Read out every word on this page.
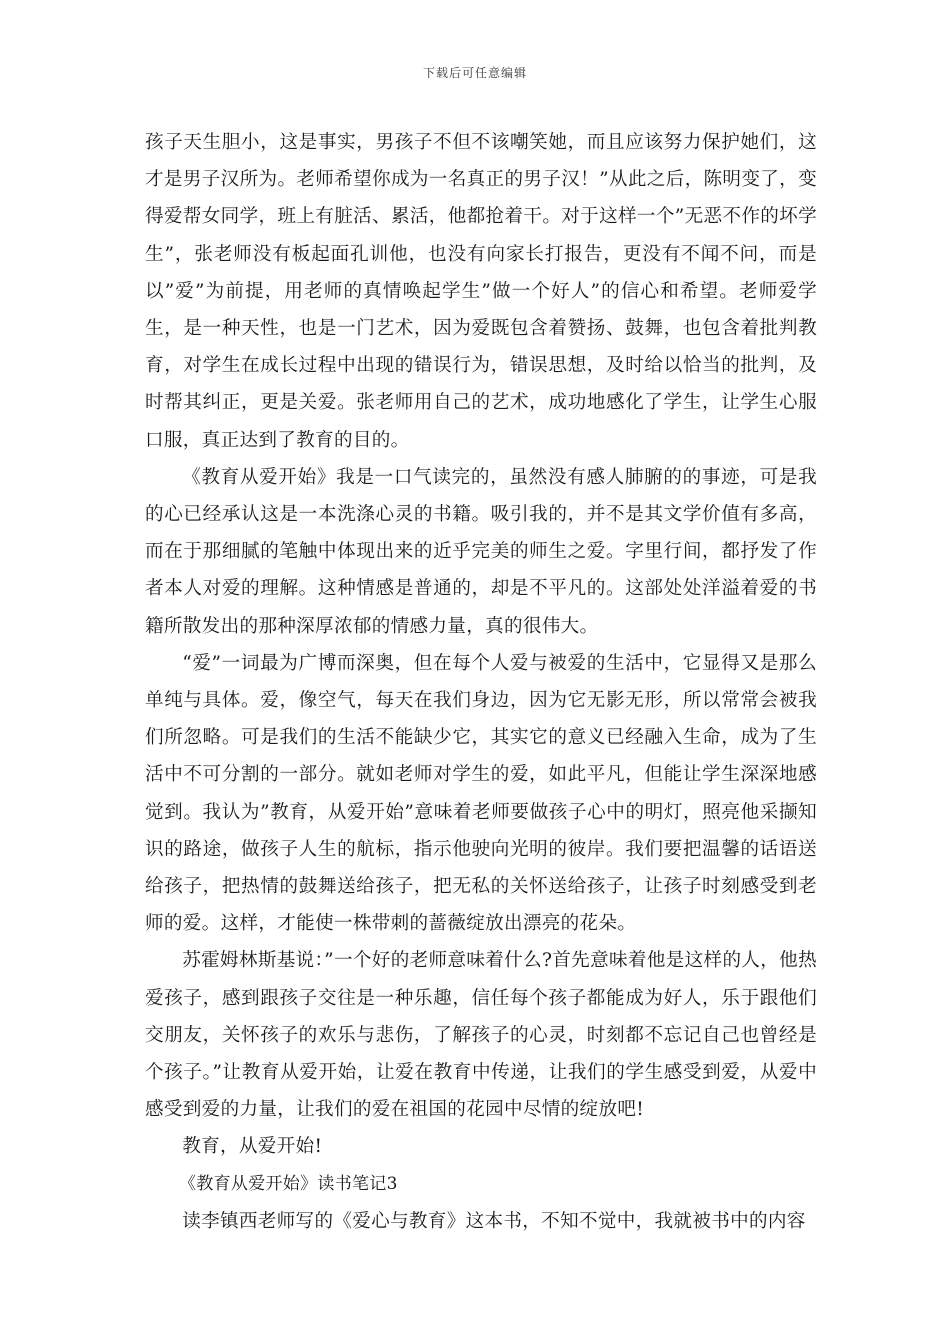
下载后可任意编辑

孩子天生胆小，这是事实，男孩子不但不该嘲笑她，而且应该努力保护她们，这才是男子汉所为。老师希望你成为一名真正的男子汉！”从此之后，陈明变了，变得爱帮女同学，班上有脏活、累活，他都抢着干。对于这样一个”无恶不作的坏学生”，张老师没有板起面孔训他，也没有向家长打报告，更没有不闻不问，而是以”爱”为前提，用老师的真情唤起学生”做一个好人”的信心和希望。老师爱学生，是一种天性，也是一门艺术，因为爱既包含着赞扬、鼓舞，也包含着批判教育，对学生在成长过程中出现的错误行为，错误思想，及时给以恰当的批判，及时帮其纠正，更是关爱。张老师用自己的艺术，成功地感化了学生，让学生心服口服，真正达到了教育的目的。

《教育从爱开始》我是一口气读完的，虽然没有感人肺腑的的事迹，可是我的心已经承认这是一本洗涤心灵的书籍。吸引我的，并不是其文学价值有多高，而在于那细腻的笔触中体现出来的近乎完美的师生之爱。字里行间，都抒发了作者本人对爱的理解。这种情感是普通的，却是不平凡的。这部处处洋溢着爱的书籍所散发出的那种深厚浓郁的情感力量，真的很伟大。

“爱”一词最为广博而深奥，但在每个人爱与被爱的生活中，它显得又是那么单纯与具体。爱，像空气，每天在我们身边，因为它无影无形，所以常常会被我们所忽略。可是我们的生活不能缺少它，其实它的意义已经融入生命，成为了生活中不可分割的一部分。就如老师对学生的爱，如此平凡，但能让学生深深地感觉到。我认为”教育，从爱开始”意味着老师要做孩子心中的明灯，照亮他采撷知识的路途，做孩子人生的航标，指示他驶向光明的彼岸。我们要把温馨的话语送给孩子，把热情的鼓舞送给孩子，把无私的关怀送给孩子，让孩子时刻感受到老师的爱。这样，才能使一株带刺的蔷薇绽放出漂亮的花朵。

苏霍姆林斯基说：”一个好的老师意味着什么?首先意味着他是这样的人，他热爱孩子，感到跟孩子交往是一种乐趣，信任每个孩子都能成为好人，乐于跟他们交朋友，关怀孩子的欢乐与悲伤，了解孩子的心灵，时刻都不忘记自己也曾经是个孩子。”让教育从爱开始，让爱在教育中传递，让我们的学生感受到爱，从爱中感受到爱的力量，让我们的爱在祖国的花园中尽情的绽放吧!

教育，从爱开始!

《教育从爱开始》读书笔记3

读李镇西老师写的《爱心与教育》这本书，不知不觉中，我就被书中的内容
